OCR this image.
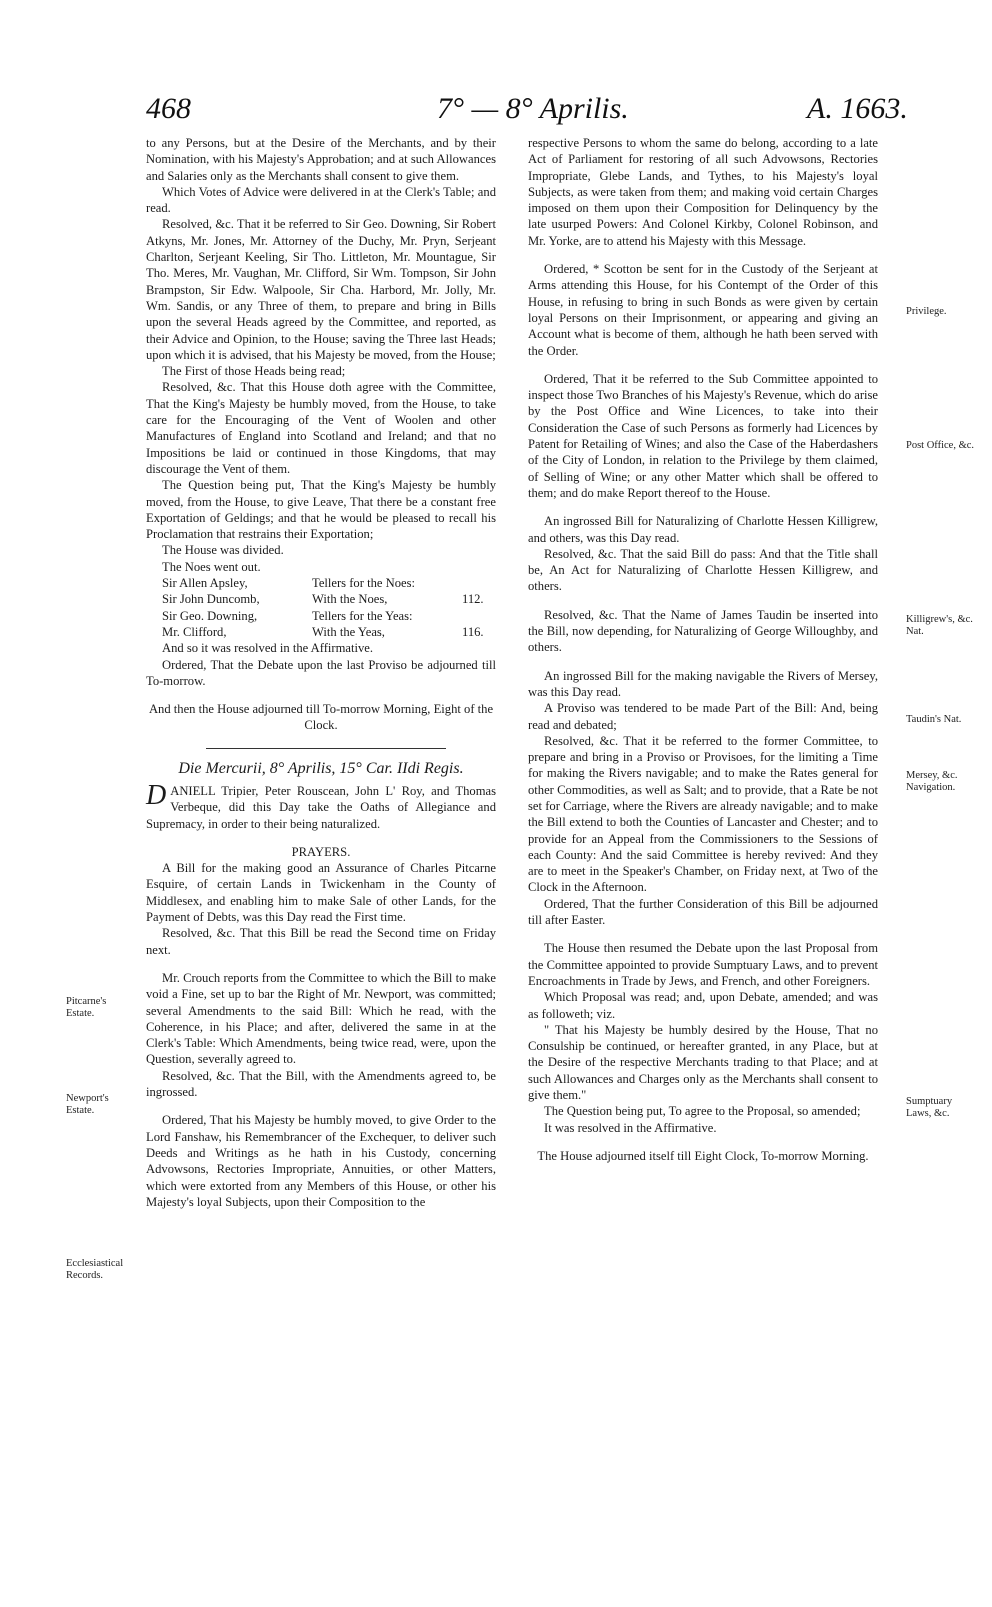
468	7° — 8° Aprilis.	A. 1663.

to any Persons, but at the Desire of the Merchants, and by their Nomination, with his Majesty's Approbation; and at such Allowances and Salaries only as the Merchants shall consent to give them.

Which Votes of Advice were delivered in at the Clerk's Table; and read.

Resolved, &c. That it be referred to Sir Geo. Downing, Sir Robert Atkyns, Mr. Jones, Mr. Attorney of the Duchy, Mr. Pryn, Serjeant Charlton, Serjeant Keeling, Sir Tho. Littleton, Mr. Mountague, Sir Tho. Meres, Mr. Vaughan, Mr. Clifford, Sir Wm. Tompson, Sir John Brampston, Sir Edw. Walpoole, Sir Cha. Harbord, Mr. Jolly, Mr. Wm. Sandis, or any Three of them, to prepare and bring in Bills upon the several Heads agreed by the Committee, and reported, as their Advice and Opinion, to the House; saving the Three last Heads; upon which it is advised, that his Majesty be moved, from the House;

The First of those Heads being read;

Resolved, &c. That this House doth agree with the Committee, That the King's Majesty be humbly moved, from the House, to take care for the Encouraging of the Vent of Woolen and other Manufactures of England into Scotland and Ireland; and that no Impositions be laid or continued in those Kingdoms, that may discourage the Vent of them.

The Question being put, That the King's Majesty be humbly moved, from the House, to give Leave, That there be a constant free Exportation of Geldings; and that he would be pleased to recall his Proclamation that restrains their Exportation;

The House was divided.

The Noes went out.

Sir Allen Apsley,	Tellers for the Noes:
Sir John Duncomb,	With the Noes,	112.
Sir Geo. Downing,	Tellers for the Yeas:
Mr. Clifford,	With the Yeas,	116.

And so it was resolved in the Affirmative.

Ordered, That the Debate upon the last Proviso be adjourned till To-morrow.

And then the House adjourned till To-morrow Morning, Eight of the Clock.

Die Mercurii, 8° Aprilis, 15° Car. IIdi Regis.

DANIELL Tripier, Peter Rouscean, John L' Roy, and Thomas Verbeque, did this Day take the Oaths of Allegiance and Supremacy, in order to their being naturalized.

PRAYERS.

A Bill for the making good an Assurance of Charles Pitcarne Esquire, of certain Lands in Twickenham in the County of Middlesex, and enabling him to make Sale of other Lands, for the Payment of Debts, was this Day read the First time.

Resolved, &c. That this Bill be read the Second time on Friday next.

Mr. Crouch reports from the Committee to which the Bill to make void a Fine, set up to bar the Right of Mr. Newport, was committed; several Amendments to the said Bill: Which he read, with the Coherence, in his Place; and after, delivered the same in at the Clerk's Table: Which Amendments, being twice read, were, upon the Question, severally agreed to.

Resolved, &c. That the Bill, with the Amendments agreed to, be ingrossed.

Ordered, That his Majesty be humbly moved, to give Order to the Lord Fanshaw, his Remembrancer of the Exchequer, to deliver such Deeds and Writings as he hath in his Custody, concerning Advowsons, Rectories Impropriate, Annuities, or other Matters, which were extorted from any Members of this House, or other his Majesty's loyal Subjects, upon their Composition to the

respective Persons to whom the same do belong, according to a late Act of Parliament for restoring of all such Advowsons, Rectories Impropriate, Glebe Lands, and Tythes, to his Majesty's loyal Subjects, as were taken from them; and making void certain Charges imposed on them upon their Composition for Delinquency by the late usurped Powers: And Colonel Kirkby, Colonel Robinson, and Mr. Yorke, are to attend his Majesty with this Message.

Ordered, * Scotton be sent for in the Custody of the Serjeant at Arms attending this House, for his Contempt of the Order of this House, in refusing to bring in such Bonds as were given by certain loyal Persons on their Imprisonment, or appearing and giving an Account what is become of them, although he hath been served with the Order.

Ordered, That it be referred to the Sub Committee appointed to inspect those Two Branches of his Majesty's Revenue, which do arise by the Post Office and Wine Licences, to take into their Consideration the Case of such Persons as formerly had Licences by Patent for Retailing of Wines; and also the Case of the Haberdashers of the City of London, in relation to the Privilege by them claimed, of Selling of Wine; or any other Matter which shall be offered to them; and do make Report thereof to the House.

An ingrossed Bill for Naturalizing of Charlotte Hessen Killigrew, and others, was this Day read.

Resolved, &c. That the said Bill do pass: And that the Title shall be, An Act for Naturalizing of Charlotte Hessen Killigrew, and others.

Resolved, &c. That the Name of James Taudin be inserted into the Bill, now depending, for Naturalizing of George Willoughby, and others.

An ingrossed Bill for the making navigable the Rivers of Mersey, was this Day read.

A Proviso was tendered to be made Part of the Bill: And, being read and debated;

Resolved, &c. That it be referred to the former Committee, to prepare and bring in a Proviso or Provisoes, for the limiting a Time for making the Rivers navigable; and to make the Rates general for other Commodities, as well as Salt; and to provide, that a Rate be not set for Carriage, where the Rivers are already navigable; and to make the Bill extend to both the Counties of Lancaster and Chester; and to provide for an Appeal from the Commissioners to the Sessions of each County: And the said Committee is hereby revived: And they are to meet in the Speaker's Chamber, on Friday next, at Two of the Clock in the Afternoon.

Ordered, That the further Consideration of this Bill be adjourned till after Easter.

The House then resumed the Debate upon the last Proposal from the Committee appointed to provide Sumptuary Laws, and to prevent Encroachments in Trade by Jews, and French, and other Foreigners.

Which Proposal was read; and, upon Debate, amended; and was as followeth; viz.

" That his Majesty be humbly desired by the House, That no Consulship be continued, or hereafter granted, in any Place, but at the Desire of the respective Merchants trading to that Place; and at such Allowances and Charges only as the Merchants shall consent to give them."

The Question being put, To agree to the Proposal, so amended;

It was resolved in the Affirmative.

The House adjourned itself till Eight Clock, To-morrow Morning.

Pitcarne's Estate.
Newport's Estate.
Ecclesiastical Records.
Privilege.
Post Office, &c.
Killigrew's, &c. Nat.
Taudin's Nat.
Mersey, &c. Navigation.
Sumptuary Laws, &c.
